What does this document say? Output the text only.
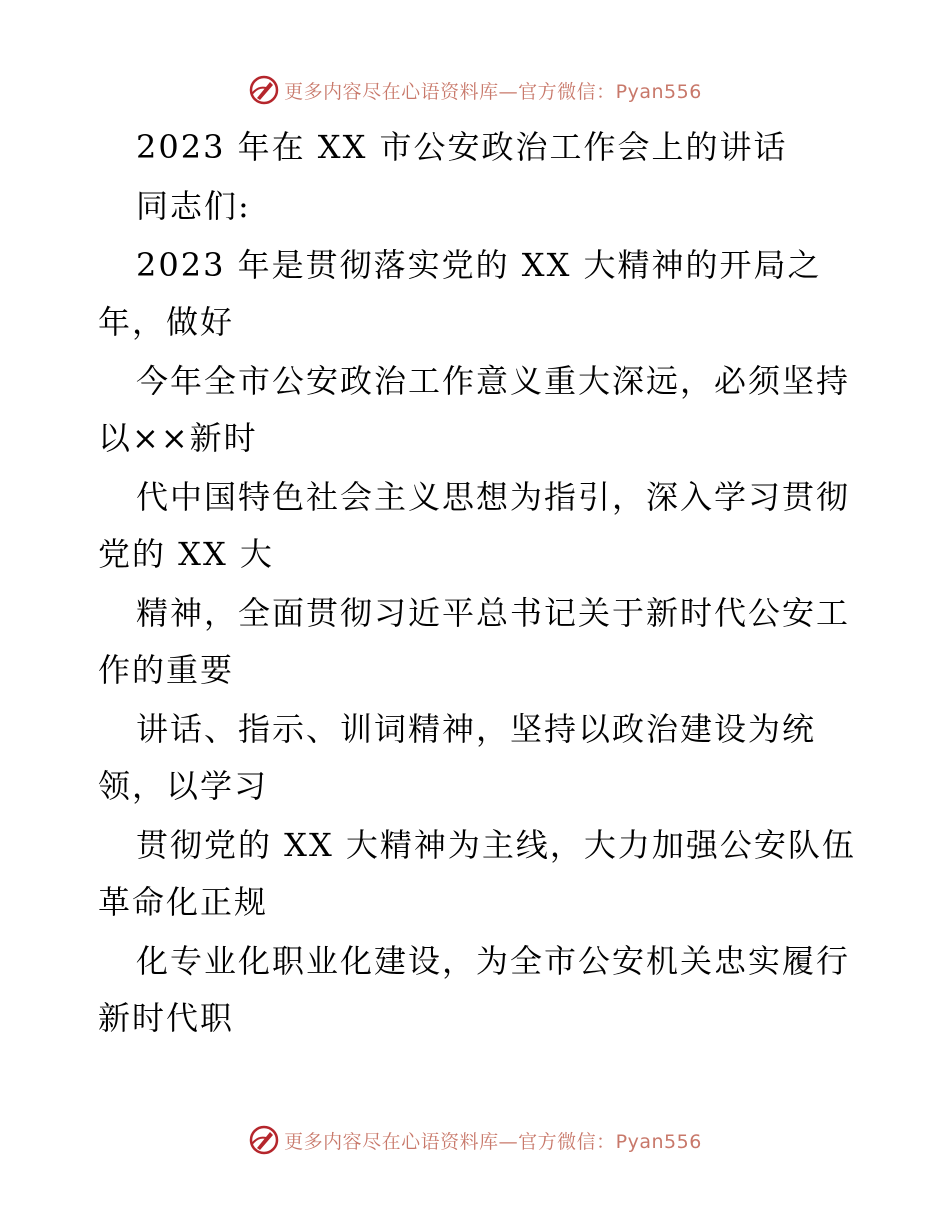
更多内容尽在心语资料库—官方微信：Pyan556
2023 年在 XX 市公安政治工作会上的讲话
同志们:
2023 年是贯彻落实党的 XX 大精神的开局之
年，做好
今年全市公安政治工作意义重大深远，必须坚持
以××新时
代中国特色社会主义思想为指引，深入学习贯彻
党的 XX 大
精神，全面贯彻习近平总书记关于新时代公安工
作的重要
讲话、指示、训词精神，坚持以政治建设为统
领，以学习
贯彻党的 XX 大精神为主线，大力加强公安队伍
革命化正规
化专业化职业化建设，为全市公安机关忠实履行
新时代职
更多内容尽在心语资料库—官方微信：Pyan556
